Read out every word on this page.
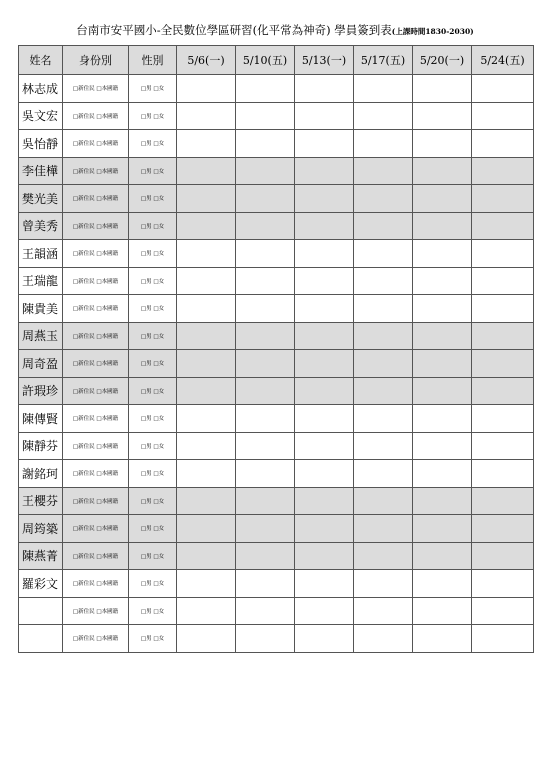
台南市安平國小-全民數位學區研習(化平常為神奇) 學員簽到表(上課時間1830-2030)
姓名	身份別	性別	5/6(一)	5/10(五)	5/13(一)	5/17(五)	5/20(一)	5/24(五)
林志成	□新住民 □本國籍	□男 □女						
吳文宏	□新住民 □本國籍	□男 □女						
吳怡靜	□新住民 □本國籍	□男 □女						
李佳樺	□新住民 □本國籍	□男 □女						
樊光美	□新住民 □本國籍	□男 □女						
曾美秀	□新住民 □本國籍	□男 □女						
王韻涵	□新住民 □本國籍	□男 □女						
王瑞龍	□新住民 □本國籍	□男 □女						
陳貴美	□新住民 □本國籍	□男 □女						
周燕玉	□新住民 □本國籍	□男 □女						
周奇盈	□新住民 □本國籍	□男 □女						
許瑕珍	□新住民 □本國籍	□男 □女						
陳傳賢	□新住民 □本國籍	□男 □女						
陳靜芬	□新住民 □本國籍	□男 □女						
謝銘珂	□新住民 □本國籍	□男 □女						
王櫻芬	□新住民 □本國籍	□男 □女						
周筠築	□新住民 □本國籍	□男 □女						
陳燕菁	□新住民 □本國籍	□男 □女						
羅彩文	□新住民 □本國籍	□男 □女						
	□新住民 □本國籍	□男 □女						
	□新住民 □本國籍	□男 □女						
